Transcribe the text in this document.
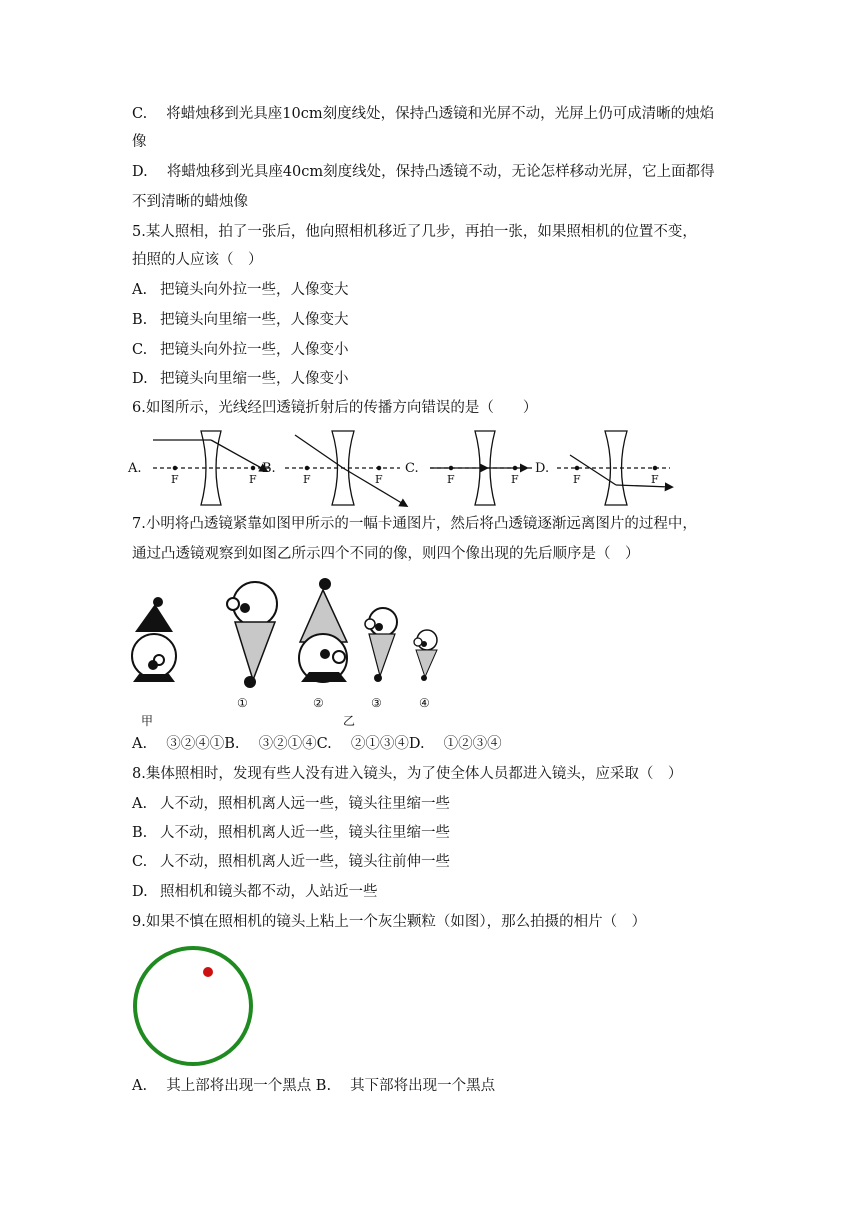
C.　 将蜡烛移到光具座10cm刻度线处，保持凸透镜和光屏不动，光屏上仍可成清晰的烛焰
像
D.　 将蜡烛移到光具座40cm刻度线处，保持凸透镜不动，无论怎样移动光屏，它上面都得
不到清晰的蜡烛像
5.某人照相，拍了一张后，他向照相机移近了几步，再拍一张，如果照相机的位置不变，
拍照的人应该（　）
A. 把镜头向外拉一些，人像变大
B. 把镜头向里缩一些，人像变大
C. 把镜头向外拉一些，人像变小
D. 把镜头向里缩一些，人像变小
6.如图所示，光线经凹透镜折射后的传播方向错误的是（　　）
A.
F	F
B.
F	F
C.
F	F
D.
F	F
7.小明将凸透镜紧靠如图甲所示的一幅卡通图片，然后将凸透镜逐渐远离图片的过程中，
通过凸透镜观察到如图乙所示四个不同的像，则四个像出现的先后顺序是（　）
甲
①	②
乙
③	④
A.　 ③②④①B.　 ③②①④C.　 ②①③④D.　 ①②③④
8.集体照相时，发现有些人没有进入镜头，为了使全体人员都进入镜头，应采取（　）
A. 人不动，照相机离人远一些，镜头往里缩一些
B. 人不动，照相机离人近一些，镜头往里缩一些
C. 人不动，照相机离人近一些，镜头往前伸一些
D. 照相机和镜头都不动，人站近一些
9.如果不慎在照相机的镜头上粘上一个灰尘颗粒（如图），那么拍摄的相片（　）
A.　 其上部将出现一个黑点 B.　 其下部将出现一个黑点
